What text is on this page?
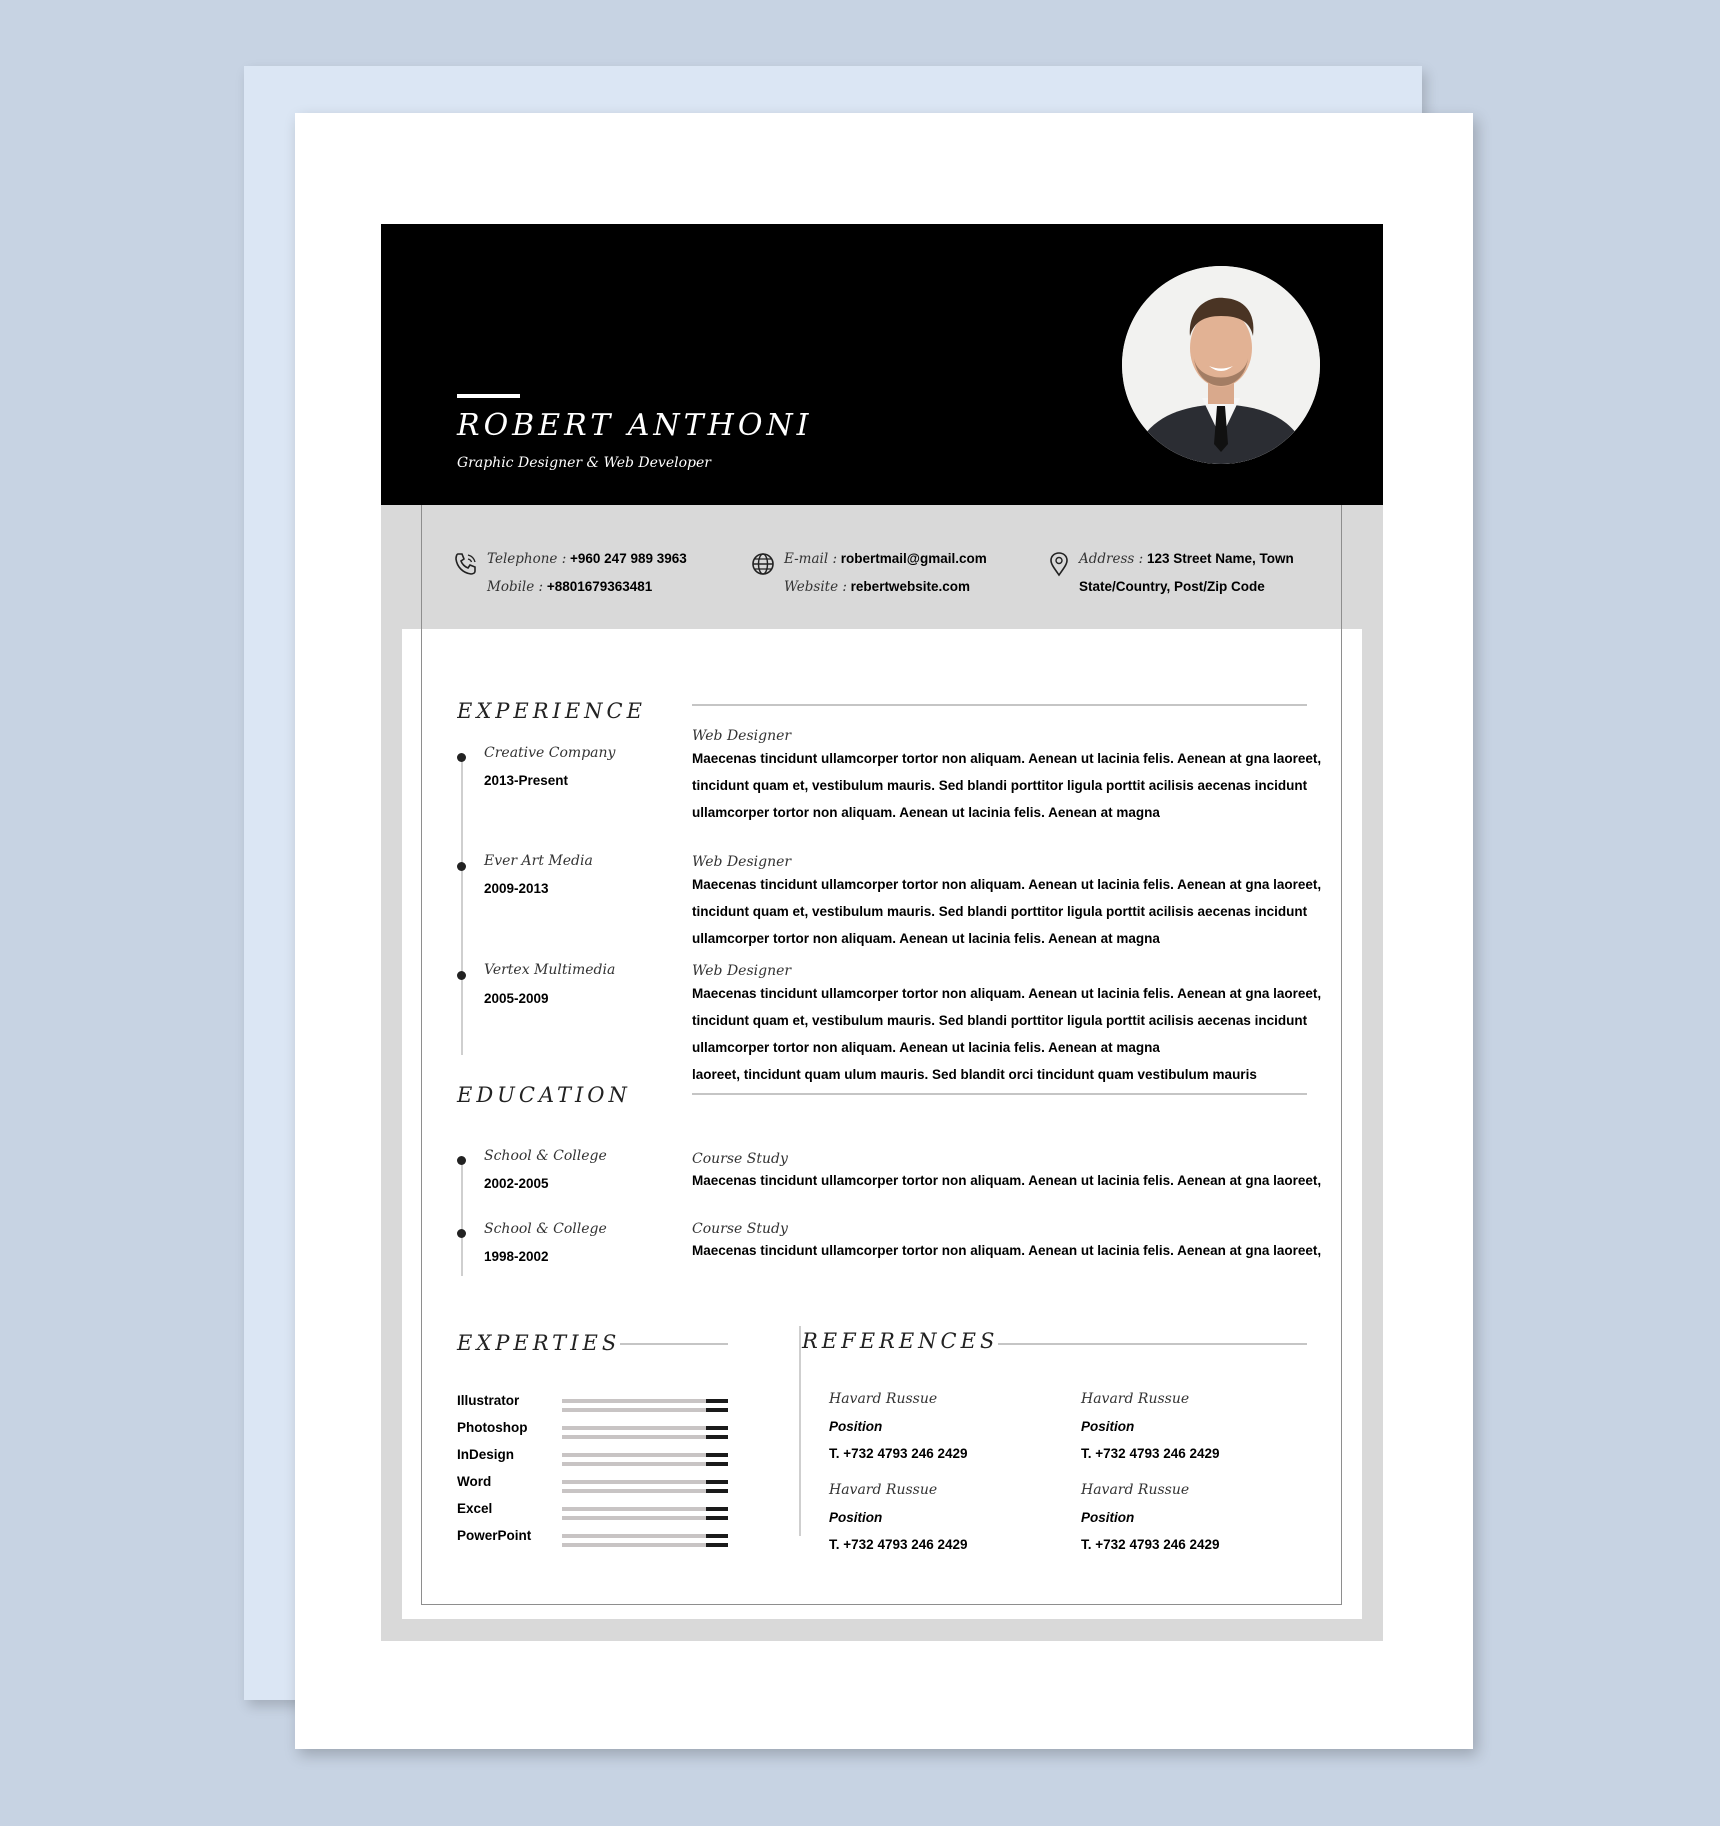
ROBERT ANTHONI
Graphic Designer & Web Developer
Telephone : +960 247 989 3963
Mobile : +8801679363481
E-mail : robertmail@gmail.com
Website : rebertwebsite.com
Address : 123 Street Name, Town
State/Country, Post/Zip Code
EXPERIENCE
Creative Company
2013-Present
Web Designer
Maecenas tincidunt ullamcorper tortor non aliquam. Aenean ut lacinia felis. Aenean at gna laoreet,
tincidunt quam et, vestibulum mauris. Sed blandi porttitor ligula porttit acilisis aecenas incidunt
ullamcorper tortor non aliquam. Aenean ut lacinia felis. Aenean at magna
Ever Art Media
2009-2013
Web Designer
Maecenas tincidunt ullamcorper tortor non aliquam. Aenean ut lacinia felis. Aenean at gna laoreet,
tincidunt quam et, vestibulum mauris. Sed blandi porttitor ligula porttit acilisis aecenas incidunt
ullamcorper tortor non aliquam. Aenean ut lacinia felis. Aenean at magna
Vertex Multimedia
2005-2009
Web Designer
Maecenas tincidunt ullamcorper tortor non aliquam. Aenean ut lacinia felis. Aenean at gna laoreet,
tincidunt quam et, vestibulum mauris. Sed blandi porttitor ligula porttit acilisis aecenas incidunt
ullamcorper tortor non aliquam. Aenean ut lacinia felis. Aenean at magna
laoreet, tincidunt quam ulum mauris. Sed blandit orci tincidunt quam vestibulum mauris
EDUCATION
School & College
2002-2005
Course Study
Maecenas tincidunt ullamcorper tortor non aliquam. Aenean ut lacinia felis. Aenean at gna laoreet,
School & College
1998-2002
Course Study
Maecenas tincidunt ullamcorper tortor non aliquam. Aenean ut lacinia felis. Aenean at gna laoreet,
EXPERTIES
Illustrator
Photoshop
InDesign
Word
Excel
PowerPoint
REFERENCES
Havard Russue
Position
T. +732 4793 246 2429
Havard Russue
Position
T. +732 4793 246 2429
Havard Russue
Position
T. +732 4793 246 2429
Havard Russue
Position
T. +732 4793 246 2429
